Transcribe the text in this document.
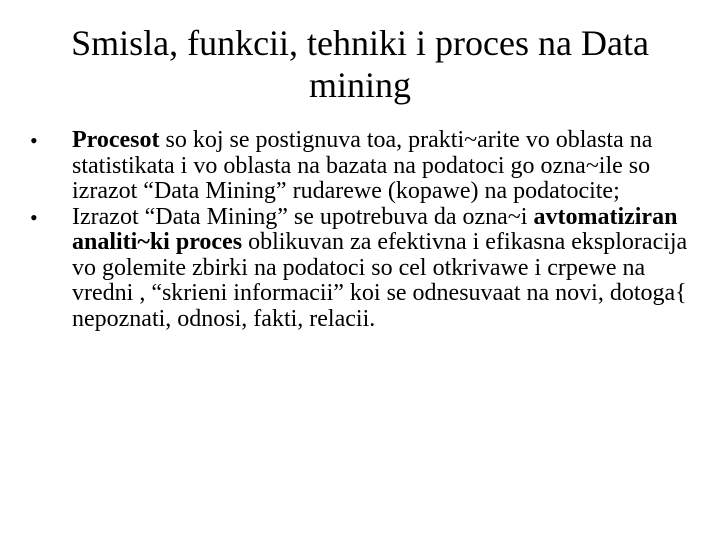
Smisla, funkcii, tehniki i proces na Data mining
•	Procesot so koj se postignuva toa, prakti~arite vo oblasta na statistikata i vo oblasta na bazata na podatoci go ozna~ile so izrazot “Data Mining” rudarewe (kopawe) na podatocite;
•	Izrazot “Data Mining” se upotrebuva da ozna~i avtomatiziran analiti~ki proces oblikuvan za efektivna i efikasna eksploracija vo golemite zbirki na podatoci so cel otkrivawe i crpewe na vredni , “skrieni informacii” koi se odnesuvaat na novi, dotoga{ nepoznati, odnosi, fakti, relacii.
